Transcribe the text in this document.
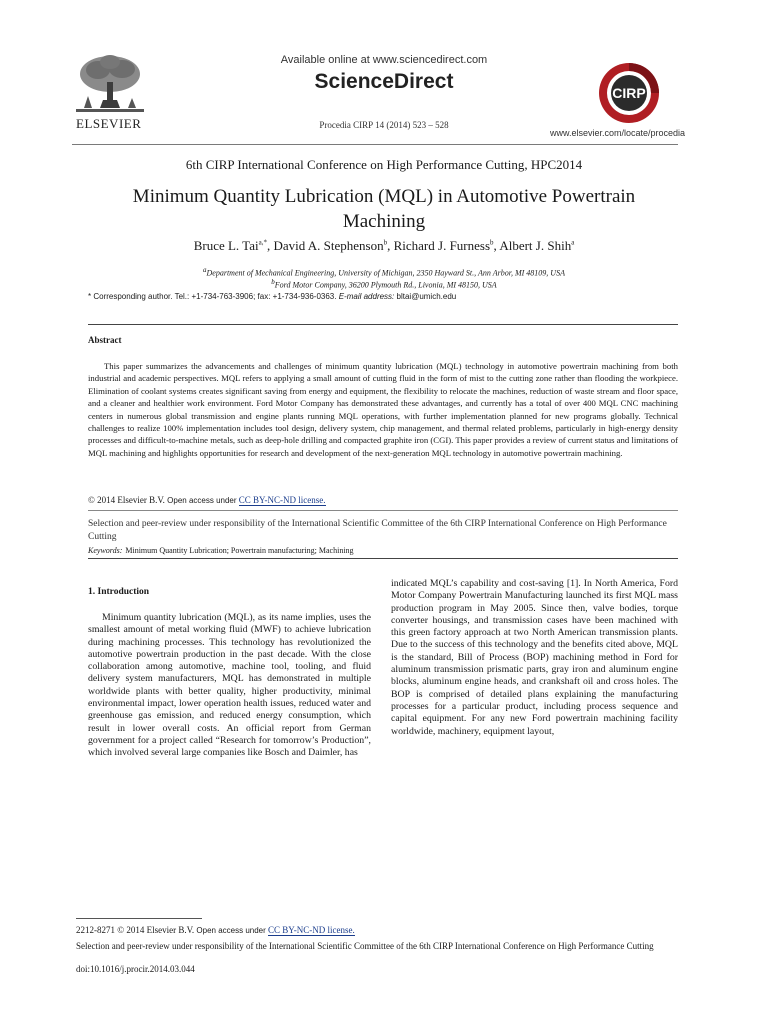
ELSEVIER
Available online at www.sciencedirect.com
ScienceDirect
Procedia CIRP 14 (2014) 523 – 528
CIRP
www.elsevier.com/locate/procedia
6th CIRP International Conference on High Performance Cutting, HPC2014
Minimum Quantity Lubrication (MQL) in Automotive Powertrain Machining
Bruce L. Tai$^{a,*}$, David A. Stephenson$^b$, Richard J. Furness$^b$, Albert J. Shih$^a$
$^a$Department of Mechanical Engineering, University of Michigan, 2350 Hayward St., Ann Arbor, MI 48109, USA
$^b$Ford Motor Company, 36200 Plymouth Rd., Livonia, MI 48150, USA
* Corresponding author. Tel.: +1-734-763-3906; fax: +1-734-936-0363. E-mail address: bltai@umich.edu
Abstract

This paper summarizes the advancements and challenges of minimum quantity lubrication (MQL) technology in automotive powertrain machining from both industrial and academic perspectives. MQL refers to applying a small amount of cutting fluid in the form of mist to the cutting zone rather than flooding the workpiece. Elimination of coolant systems creates significant saving from energy and equipment, the flexibility to relocate the machines, reduction of waste stream and floor space, and a cleaner and healthier work environment. Ford Motor Company has demonstrated these advantages, and currently has a total of over 400 MQL CNC machining centers in numerous global transmission and engine plants running MQL operations, with further implementation planned for new programs globally. Technical challenges to realize 100% implementation includes tool design, delivery system, chip management, and thermal related problems, particularly in high-energy density processes and difficult-to-machine metals, such as deep-hole drilling and compacted graphite iron (CGI). This paper provides a review of current status and limitations of MQL machining and highlights opportunities for research and development of the next-generation MQL technology in automotive powertrain machining.

© 2014 Elsevier B.V. Open access under CC BY-NC-ND license.
Selection and peer-review under responsibility of the International Scientific Committee of the 6th CIRP International Conference on High Performance Cutting
Keywords: Minimum Quantity Lubrication; Powertrain manufacturing; Machining
1. Introduction

Minimum quantity lubrication (MQL), as its name implies, uses the smallest amount of metal working fluid (MWF) to achieve lubrication during machining processes. This technology has revolutionized the automotive powertrain production in the past decade. With the close collaboration among automotive, machine tool, tooling, and fluid delivery system manufacturers, MQL has demonstrated in multiple worldwide plants with better quality, higher productivity, minimal environmental impact, lower operation health issues, reduced water and greenhouse gas emission, and reduced energy consumption, which result in lower overall costs. An official report from German government for a project called “Research for tomorrow’s Production”, which involved several large companies like Bosch and Daimler, has

indicated MQL’s capability and cost-saving [1]. In North America, Ford Motor Company Powertrain Manufacturing launched its first MQL mass production program in May 2005. Since then, valve bodies, torque converter housings, and transmission cases have been machined with this green factory approach at two North American transmission plants. Due to the success of this technology and the benefits cited above, MQL is the standard, Bill of Process (BOP) machining method in Ford for aluminum transmission prismatic parts, gray iron and aluminum engine blocks, aluminum engine heads, and crankshaft oil and cross holes. The BOP is comprised of detailed plans explaining the manufacturing processes for a particular product, including process sequence and capital equipment. For any new Ford powertrain machining facility worldwide, machinery, equipment layout,

2212-8271 © 2014 Elsevier B.V. Open access under CC BY-NC-ND license.
Selection and peer-review under responsibility of the International Scientific Committee of the 6th CIRP International Conference on High Performance Cutting
doi:10.1016/j.procir.2014.03.044
